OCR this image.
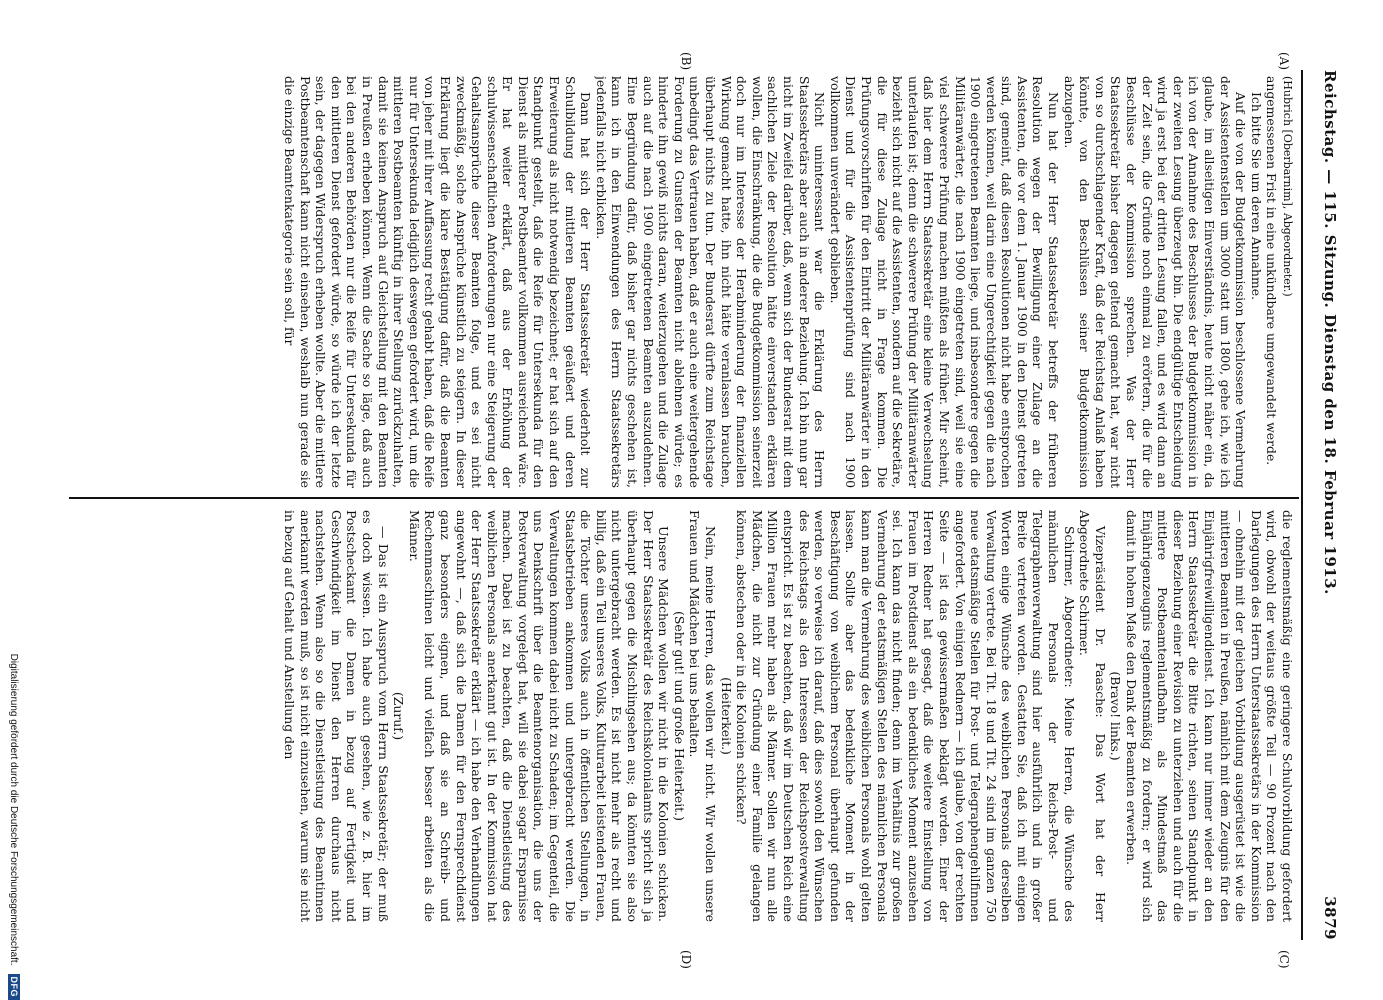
Reichstag. — 115. Sitzung. Dienstag den 18. Februar 1913.
3879
(A)
(B)
(C)
(D)

(Hubrich [Oberbarnim], Abgeordneter.)

angemessenen Frist in eine unkündbare umgewandelt werde.

Ich bitte Sie um deren Annahme.

Auf die von der Budgetkommission beschlossene Vermehrung der Assistentenstellen um 3000 statt um 1800, gehe ich, wie ich glaube, im allseitigen Einverständnis, heute nicht näher ein, da ich von der Annahme des Beschlusses der Budgetkommission in der zweiten Lesung überzeugt bin. Die endgültige Entscheidung wird ja erst bei der dritten Lesung fallen, und es wird dann an der Zeit sein, die Gründe noch einmal zu erörtern, die für die Beschlüsse der Kommission sprechen. Was der Herr Staatssekretär bisher dagegen geltend gemacht hat, war nicht von so durchschlagender Kraft, daß der Reichstag Anlaß haben könnte, von den Beschlüssen seiner Budgetkommission abzugehen.

Nun hat der Herr Staatssekretär betreffs der früheren Resolution wegen der Bewilligung einer Zulage an die Assistenten, die vor dem 1. Januar 1900 in den Dienst getreten sind, gemeint, daß diesen Resolutionen nicht habe entsprochen werden können, weil darin eine Ungerechtigkeit gegen die nach 1900 eingetretenen Beamten liege, und insbesondere gegen die Militäranwärter, die nach 1900 eingetreten sind, weil sie eine viel schwerere Prüfung machen müßten als früher. Mir scheint, daß hier dem Herrn Staatssekretär eine kleine Verwechselung unterlaufen ist; denn die schwerere Prüfung der Militäranwärter bezieht sich nicht auf die Assistenten, sondern auf die Sekretäre, die für diese Zulage nicht in Frage kommen. Die Prüfungsvorschriften für den Eintritt der Militäranwärter in den Dienst und für die Assistentenprüfung sind nach 1900 vollkommen unverändert geblieben.

Nicht uninteressant war die Erklärung des Herrn Staatssekretärs aber auch in anderer Beziehung. Ich bin nun gar nicht im Zweifel darüber, daß, wenn sich der Bundesrat mit dem sachlichen Ziele der Resolution hätte einverstanden erklären wollen, die Einschränkung, die die Budgetkommission seinerzeit doch nur im Interesse der Herabminderung der finanziellen Wirkung gemacht hatte, ihn nicht hätte veranlassen brauchen, überhaupt nichts zu tun. Der Bundesrat dürfte zum Reichstage unbedingt das Vertrauen haben, daß er auch eine weitergehende Forderung zu Gunsten der Beamten nicht ablehnen würde; es hinderte ihn gewiß nichts daran, weiterzugehen und die Zulage auch auf die nach 1900 eingetretenen Beamten auszudehnen. Eine Begründung dafür, daß bisher gar nichts geschehen ist, kann ich in den Einwendungen des Herrn Staatssekretärs jedenfalls nicht erblicken.

Dann hat sich der Herr Staatssekretär wiederholt zur Schulbildung der mittleren Beamten geäußert und deren Erweiterung als nicht notwendig bezeichnet; er hat sich auf den Standpunkt gestellt, daß die Reife für Untersekunda für den Dienst als mittlerer Postbeamter vollkommen ausreichend wäre. Er hat weiter erklärt, daß aus der Erhöhung der schulwissenschaftlichen Anforderungen nur eine Steigerung der Gehaltsansprüche dieser Beamten folge, und es sei nicht zweckmäßig, solche Ansprüche künstlich zu steigern. In dieser Erklärung liegt die klare Bestätigung dafür, daß die Beamten von jeher mit ihrer Auffassung recht gehabt haben, daß die Reife nur für Untersekunda lediglich deswegen gefordert wird, um die mittleren Postbeamten künftig in ihrer Stellung zurückzuhalten, damit sie keinen Anspruch auf Gleichstellung mit den Beamten in Preußen erheben können. Wenn die Sache so läge, daß auch bei den anderen Behörden nur die Reife für Untersekunda für den mittleren Dienst gefordert würde, so würde ich der letzte sein, der dagegen Widerspruch erheben wollte. Aber die mittlere Postbeamtenschaft kann nicht einsehen, weshalb nun gerade sie die einzige Beamtenkategorie sein soll, für

die reglementsmäßig eine geringere Schulvorbildung gefordert wird, obwohl der weitaus größte Teil — 90 Prozent nach den Darlegungen des Herrn Unterstaatssekretärs in der Kommission — ohnehin mit der gleichen Vorbildung ausgerüstet ist wie die mittleren Beamten in Preußen, nämlich mit dem Zeugnis für den Einjährigfreiwilligendienst. Ich kann nur immer wieder an den Herrn Staatssekretär die Bitte richten, seinen Standpunkt in dieser Beziehung einer Revision zu unterziehen und auch für die mittlere Postbeamtenlaufbahn als Mindestmaß das Einjährigenzeugnis reglementsmäßig zu fordern; er wird sich damit in hohem Maße den Dank der Beamten erwerben.

(Bravo! links.)

Vizepräsident Dr. Paasche: Das Wort hat der Herr Abgeordnete Schirmer.

Schirmer, Abgeordneter: Meine Herren, die Wünsche des männlichen Personals der Reichs-Post- und Telegraphenverwaltung sind hier ausführlich und in großer Breite vertreten worden. Gestatten Sie, daß ich mit einigen Worten einige Wünsche des weiblichen Personals derselben Verwaltung vertrete. Bei Tit. 18 und Tit. 24 sind im ganzen 750 neue etatsmäßige Stellen für Post- und Telegraphengehilfinnen angefordert. Von einigen Rednern — ich glaube, von der rechten Seite — ist das gewissermaßen beklagt worden. Einer der Herren Redner hat gesagt, daß die weitere Einstellung von Frauen im Postdienst als ein bedenkliches Moment anzusehen sei. Ich kann das nicht finden; denn im Verhältnis zur großen Vermehrung der etatsmäßigen Stellen des männlichen Personals kann man die Vermehrung des weiblichen Personals wohl gelten lassen. Sollte aber das bedenkliche Moment in der Beschäftigung von weiblichem Personal überhaupt gefunden werden, so verweise ich darauf, daß dies sowohl den Wünschen des Reichstags als den Interessen der Reichspostverwaltung entspricht. Es ist zu beachten, daß wir im Deutschen Reich eine Million Frauen mehr haben als Männer. Sollen wir nun alle Mädchen, die nicht zur Gründung einer Familie gelangen können, abstechen oder in die Kolonien schicken?

(Heiterkeit.)

Nein, meine Herren, das wollen wir nicht. Wir wollen unsere Frauen und Mädchen bei uns behalten.

(Sehr gut! und große Heiterkeit.)

Unsere Mädchen wollen wir nicht in die Kolonien schicken. Der Herr Staatssekretär des Reichskolonialamts spricht sich ja überhaupt gegen die Mischlingsehen aus; da könnten sie also nicht untergebracht werden. Es ist nicht mehr als recht und billig, daß ein Teil unseres Volks, Kulturarbeit leistenden Frauen, die Töchter unseres Volks auch in öffentlichen Stellungen, in Staatsbetrieben ankommen und untergebracht werden. Die Verwaltungen kommen dabei nicht zu Schaden; im Gegenteil, die uns Denkschrift über die Beamtenorganisation, die uns der Postverwaltung vorgelegt hat, will sie dabei sogar Ersparnisse machen. Dabei ist zu beachten, daß die Dienstleistung des weiblichen Personals anerkannt gut ist. In der Kommission hat der Herr Staatssekretär erklärt — ich habe den Verhandlungen angewohnt —, daß sich die Damen für den Fernsprechdienst ganz besonders eignen, und daß sie an Schreib- und Rechenmaschinen leicht und vielfach besser arbeiten als die Männer.

(Zuruf.)

— Das ist ein Ausspruch vom Herrn Staatssekretär; der muß es doch wissen. Ich habe auch gesehen, wie z. B. hier im Postscheckamt die Damen in bezug auf Fertigkeit und Geschwindigkeit im Dienst den Herren durchaus nicht nachstehen. Wenn also so die Dienstleistung des Beamtinnen anerkannt werden muß, so ist nicht einzusehen, warum sie nicht in bezug auf Gehalt und Anstellung den

Digitalisierung gefördert durch die Deutsche Forschungsgemeinschaft.
DFG
